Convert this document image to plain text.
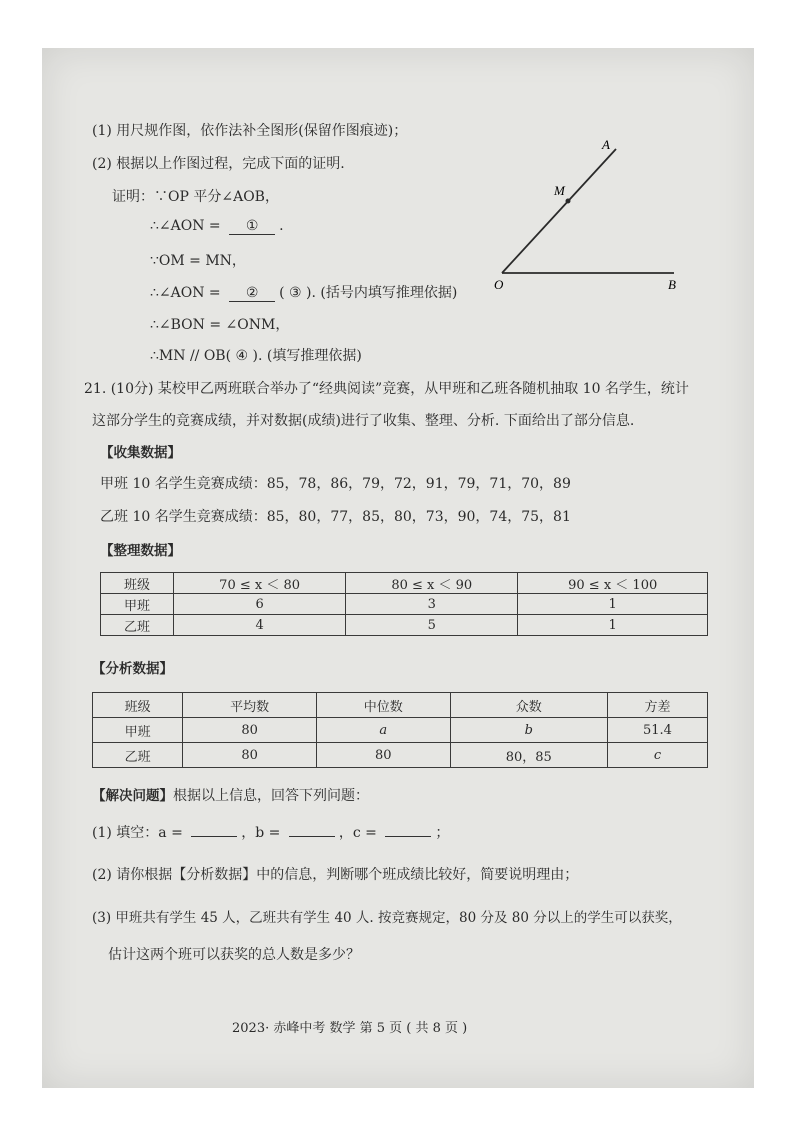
(1) 用尺规作图，依作法补全图形(保留作图痕迹)；
(2) 根据以上作图过程，完成下面的证明.
证明：∵OP 平分∠AOB，
∴∠AON = ① .
∵OM = MN，
∴∠AON = ② ( ③ ). (括号内填写推理依据)
∴∠BON = ∠ONM，
∴MN // OB( ④ ). (填写推理依据)
A
M
O	B
21. (10分) 某校甲乙两班联合举办了“经典阅读”竞赛，从甲班和乙班各随机抽取 10 名学生，统计
这部分学生的竞赛成绩，并对数据(成绩)进行了收集、整理、分析. 下面给出了部分信息.
【收集数据】
甲班 10 名学生竞赛成绩：85，78，86，79，72，91，79，71，70，89
乙班 10 名学生竞赛成绩：85，80，77，85，80，73，90，74，75，81
【整理数据】
班级	70 ≤ x ＜ 80	80 ≤ x ＜ 90	90 ≤ x ＜ 100
甲班	6	3	1
乙班	4	5	1
【分析数据】
班级	平均数	中位数	众数	方差
甲班	80	a	b	51.4
乙班	80	80	80，85	c
【解决问题】根据以上信息，回答下列问题：
(1) 填空：a =	，b =	，c =	；
(2) 请你根据【分析数据】中的信息，判断哪个班成绩比较好，简要说明理由；
(3) 甲班共有学生 45 人，乙班共有学生 40 人. 按竞赛规定，80 分及 80 分以上的学生可以获奖，
估计这两个班可以获奖的总人数是多少？
2023· 赤峰中考 数学 第 5 页 ( 共 8 页 )
